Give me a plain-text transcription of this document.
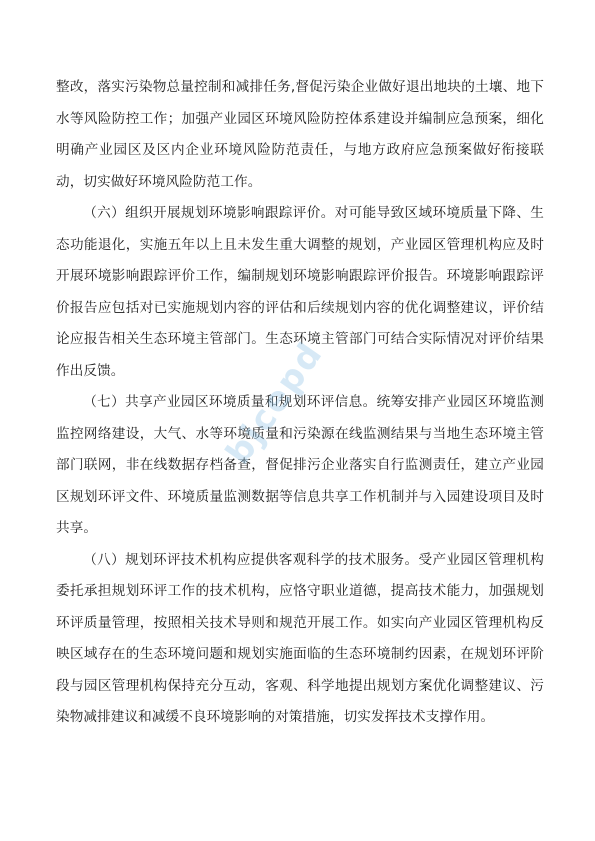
整改，落实污染物总量控制和减排任务,督促污染企业做好退出地块的土壤、地下水等风险防控工作；加强产业园区环境风险防控体系建设并编制应急预案，细化明确产业园区及区内企业环境风险防范责任，与地方政府应急预案做好衔接联动，切实做好环境风险防范工作。

（六）组织开展规划环境影响跟踪评价。对可能导致区域环境质量下降、生态功能退化，实施五年以上且未发生重大调整的规划，产业园区管理机构应及时开展环境影响跟踪评价工作，编制规划环境影响跟踪评价报告。环境影响跟踪评价报告应包括对已实施规划内容的评估和后续规划内容的优化调整建议，评价结论应报告相关生态环境主管部门。生态环境主管部门可结合实际情况对评价结果作出反馈。

（七）共享产业园区环境质量和规划环评信息。统筹安排产业园区环境监测监控网络建设，大气、水等环境质量和污染源在线监测结果与当地生态环境主管部门联网，非在线数据存档备查，督促排污企业落实自行监测责任，建立产业园区规划环评文件、环境质量监测数据等信息共享工作机制并与入园建设项目及时共享。

（八）规划环评技术机构应提供客观科学的技术服务。受产业园区管理机构委托承担规划环评工作的技术机构，应恪守职业道德，提高技术能力，加强规划环评质量管理，按照相关技术导则和规范开展工作。如实向产业园区管理机构反映区域存在的生态环境问题和规划实施面临的生态环境制约因素，在规划环评阶段与园区管理机构保持充分互动，客观、科学地提出规划方案优化调整建议、污染物减排建议和减缓不良环境影响的对策措施，切实发挥技术支撑作用。

bjcepd
